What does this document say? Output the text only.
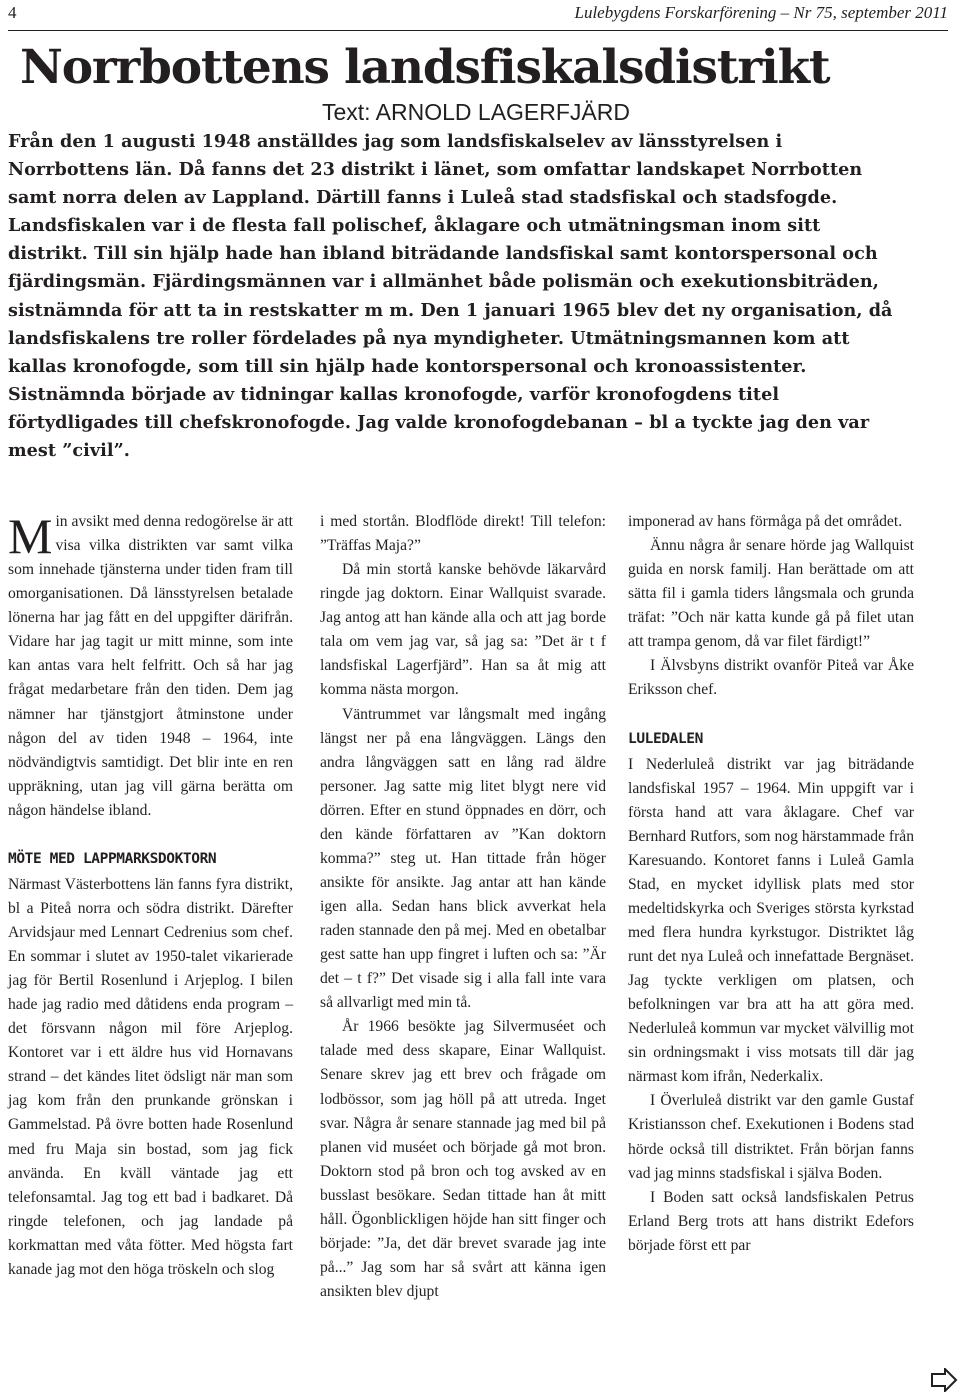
4	Lulebygdens Forskarförening – Nr 75, september 2011
Norrbottens landsfiskalsdistrikt
Text: ARNOLD LAGERFJÄRD

Från den 1 augusti 1948 anställdes jag som landsfiskalselev av länsstyrelsen i Norrbottens län. Då fanns det 23 distrikt i länet, som omfattar landskapet Norrbotten samt norra delen av Lappland. Därtill fanns i Luleå stad stadsfiskal och stadsfogde. Landsfiskalen var i de flesta fall polischef, åklagare och utmätningsman inom sitt distrikt. Till sin hjälp hade han ibland biträdande landsfiskal samt kontorspersonal och fjärdingsmän. Fjärdingsmännen var i allmänhet både polismän och exekutionsbiträden, sistnämnda för att ta in restskatter m m. Den 1 januari 1965 blev det ny organisation, då landsfiskalens tre roller fördelades på nya myndigheter. Utmätningsmannen kom att kallas kronofogde, som till sin hjälp hade kontorspersonal och kronoassistenter. Sistnämnda började av tidningar kallas kronofogde, varför kronofogdens titel förtydligades till chefskronofogde. Jag valde kronofogdebanan – bl a tyckte jag den var mest ”civil”.

Min avsikt med denna redogörelse är att visa vilka distrikten var samt vilka som innehade tjänsterna under tiden fram till omorganisationen. Då länsstyrelsen betalade lönerna har jag fått en del uppgifter därifrån. Vidare har jag tagit ur mitt minne, som inte kan antas vara helt felfritt. Och så har jag frågat medarbetare från den tiden. Dem jag nämner har tjänstgjort åtminstone under någon del av tiden 1948 – 1964, inte nödvändigtvis samtidigt. Det blir inte en ren uppräkning, utan jag vill gärna berätta om någon händelse ibland.

MÖTE MED LAPPMARKSDOKTORN

Närmast Västerbottens län fanns fyra distrikt, bl a Piteå norra och södra distrikt. Därefter Arvidsjaur med Lennart Cedrenius som chef. En sommar i slutet av 1950-talet vikarierade jag för Bertil Rosenlund i Arjeplog. I bilen hade jag radio med dåtidens enda program – det försvann någon mil före Arjeplog. Kontoret var i ett äldre hus vid Hornavans strand – det kändes litet ödsligt när man som jag kom från den prunkande grönskan i Gammelstad. På övre botten hade Rosenlund med fru Maja sin bostad, som jag fick använda. En kväll väntade jag ett telefonsamtal. Jag tog ett bad i badkaret. Då ringde telefonen, och jag landade på korkmattan med våta fötter. Med högsta fart kanade jag mot den höga tröskeln och slog

i med stortån. Blodflöde direkt! Till telefon: ”Träffas Maja?”

Då min stortå kanske behövde läkarvård ringde jag doktorn. Einar Wallquist svarade. Jag antog att han kände alla och att jag borde tala om vem jag var, så jag sa: ”Det är t f landsfiskal Lagerfjärd”. Han sa åt mig att komma nästa morgon.

Väntrummet var långsmalt med ingång längst ner på ena långväggen. Längs den andra långväggen satt en lång rad äldre personer. Jag satte mig litet blygt nere vid dörren. Efter en stund öppnades en dörr, och den kände författaren av ”Kan doktorn komma?” steg ut. Han tittade från höger ansikte för ansikte. Jag antar att han kände igen alla. Sedan hans blick avverkat hela raden stannade den på mej. Med en obetalbar gest satte han upp fingret i luften och sa: ”Är det – t f?” Det visade sig i alla fall inte vara så allvarligt med min tå.

År 1966 besökte jag Silvermuséet och talade med dess skapare, Einar Wallquist. Senare skrev jag ett brev och frågade om lodbössor, som jag höll på att utreda. Inget svar. Några år senare stannade jag med bil på planen vid muséet och började gå mot bron. Doktorn stod på bron och tog avsked av en busslast besökare. Sedan tittade han åt mitt håll. Ögonblickligen höjde han sitt finger och började: ”Ja, det där brevet svarade jag inte på...” Jag som har så svårt att känna igen ansikten blev djupt

imponerad av hans förmåga på det området.

Ännu några år senare hörde jag Wallquist guida en norsk familj. Han berättade om att sätta fil i gamla tiders långsmala och grunda träfat: ”Och när katta kunde gå på filet utan att trampa genom, då var filet färdigt!”

I Älvsbyns distrikt ovanför Piteå var Åke Eriksson chef.

LULEDALEN

I Nederluleå distrikt var jag biträdande landsfiskal 1957 – 1964. Min uppgift var i första hand att vara åklagare. Chef var Bernhard Rutfors, som nog härstammade från Karesuando. Kontoret fanns i Luleå Gamla Stad, en mycket idyllisk plats med stor medeltidskyrka och Sveriges största kyrkstad med flera hundra kyrkstugor. Distriktet låg runt det nya Luleå och innefattade Bergnäset. Jag tyckte verkligen om platsen, och befolkningen var bra att ha att göra med. Nederluleå kommun var mycket välvillig mot sin ordningsmakt i viss motsats till där jag närmast kom ifrån, Nederkalix.

I Överluleå distrikt var den gamle Gustaf Kristiansson chef. Exekutionen i Bodens stad hörde också till distriktet. Från början fanns vad jag minns stadsfiskal i själva Boden.

I Boden satt också landsfiskalen Petrus Erland Berg trots att hans distrikt Edefors började först ett par
